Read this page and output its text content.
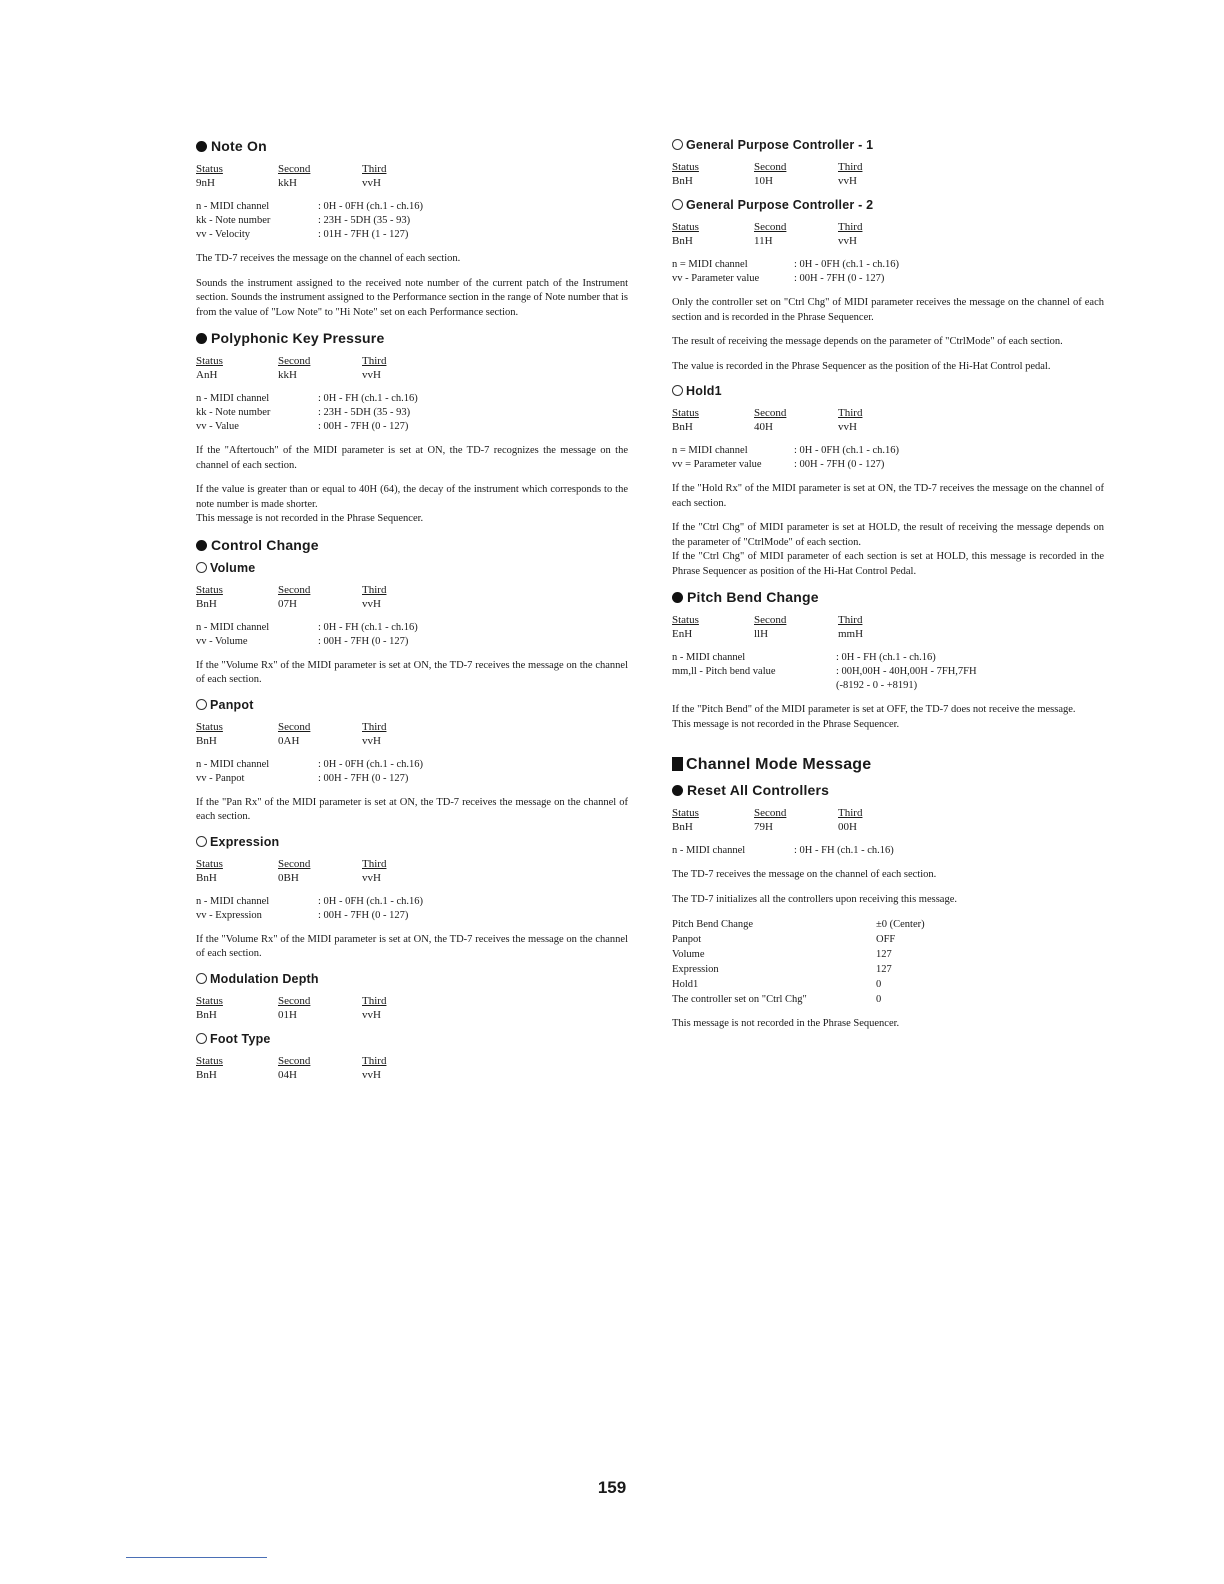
Note On
Status	Second	Third
9nH	kkH	vvH
n - MIDI channel	: 0H - 0FH (ch.1 - ch.16)
kk - Note number	: 23H - 5DH (35 - 93)
vv - Velocity	: 01H - 7FH (1 - 127)

The TD-7 receives the message on the channel of each section.

Sounds the instrument assigned to the received note number of the current patch of the Instrument section. Sounds the instrument assigned to the Performance section in the range of Note number that is from the value of "Low Note" to "Hi Note" set on each Performance section.

Polyphonic Key Pressure
Status	Second	Third
AnH	kkH	vvH
n - MIDI channel	: 0H - FH (ch.1 - ch.16)
kk - Note number	: 23H - 5DH (35 - 93)
vv - Value	: 00H - 7FH (0 - 127)

If the "Aftertouch" of the MIDI parameter is set at ON, the TD-7 recognizes the message on the channel of each section.

If the value is greater than or equal to 40H (64), the decay of the instrument which corresponds to the note number is made shorter.

This message is not recorded in the Phrase Sequencer.

Control Change
Volume
Status	Second	Third
BnH	07H	vvH
n - MIDI channel	: 0H - FH (ch.1 - ch.16)
vv - Volume	: 00H - 7FH (0 - 127)

If the "Volume Rx" of the MIDI parameter is set at ON, the TD-7 receives the message on the channel of each section.

Panpot
Status	Second	Third
BnH	0AH	vvH
n - MIDI channel	: 0H - 0FH (ch.1 - ch.16)
vv - Panpot	: 00H - 7FH (0 - 127)

If the "Pan Rx" of the MIDI parameter is set at ON, the TD-7 receives the message on the channel of each section.

Expression
Status	Second	Third
BnH	0BH	vvH
n - MIDI channel	: 0H - 0FH (ch.1 - ch.16)
vv - Expression	: 00H - 7FH (0 - 127)

If the "Volume Rx" of the MIDI parameter is set at ON, the TD-7 receives the message on the channel of each section.

Modulation Depth
Status	Second	Third
BnH	01H	vvH
Foot Type
Status	Second	Third
BnH	04H	vvH
General Purpose Controller - 1
Status	Second	Third
BnH	10H	vvH
General Purpose Controller - 2
Status	Second	Third
BnH	11H	vvH
n = MIDI channel	: 0H - 0FH (ch.1 - ch.16)
vv - Parameter value	: 00H - 7FH (0 - 127)

Only the controller set on "Ctrl Chg" of MIDI parameter receives the message on the channel of each section and is recorded in the Phrase Sequencer.

The result of receiving the message depends on the parameter of "CtrlMode" of each section.

The value is recorded in the Phrase Sequencer as the position of the Hi-Hat Control pedal.

Hold1
Status	Second	Third
BnH	40H	vvH
n = MIDI channel	: 0H - 0FH (ch.1 - ch.16)
vv = Parameter value	: 00H - 7FH (0 - 127)

If the "Hold Rx" of the MIDI parameter is set at ON, the TD-7 receives the message on the channel of each section.

If the "Ctrl Chg" of MIDI parameter is set at HOLD, the result of receiving the message depends on the parameter of "CtrlMode" of each section.

If the "Ctrl Chg" of MIDI parameter of each section is set at HOLD, this message is recorded in the Phrase Sequencer as position of the Hi-Hat Control Pedal.

Pitch Bend Change
Status	Second	Third
EnH	llH	mmH
n - MIDI channel	: 0H - FH (ch.1 - ch.16)
mm,ll - Pitch bend value	: 00H,00H - 40H,00H - 7FH,7FH
(-8192 - 0 - +8191)

If the "Pitch Bend" of the MIDI parameter is set at OFF, the TD-7 does not receive the message.

This message is not recorded in the Phrase Sequencer.

Channel Mode Message
Reset All Controllers
Status	Second	Third
BnH	79H	00H
n - MIDI channel	: 0H - FH (ch.1 - ch.16)

The TD-7 receives the message on the channel of each section.

The TD-7 initializes all the controllers upon receiving this message.

Pitch Bend Change	±0 (Center)
Panpot	OFF
Volume	127
Expression	127
Hold1	0
The controller set on "Ctrl Chg"	0

This message is not recorded in the Phrase Sequencer.

159
